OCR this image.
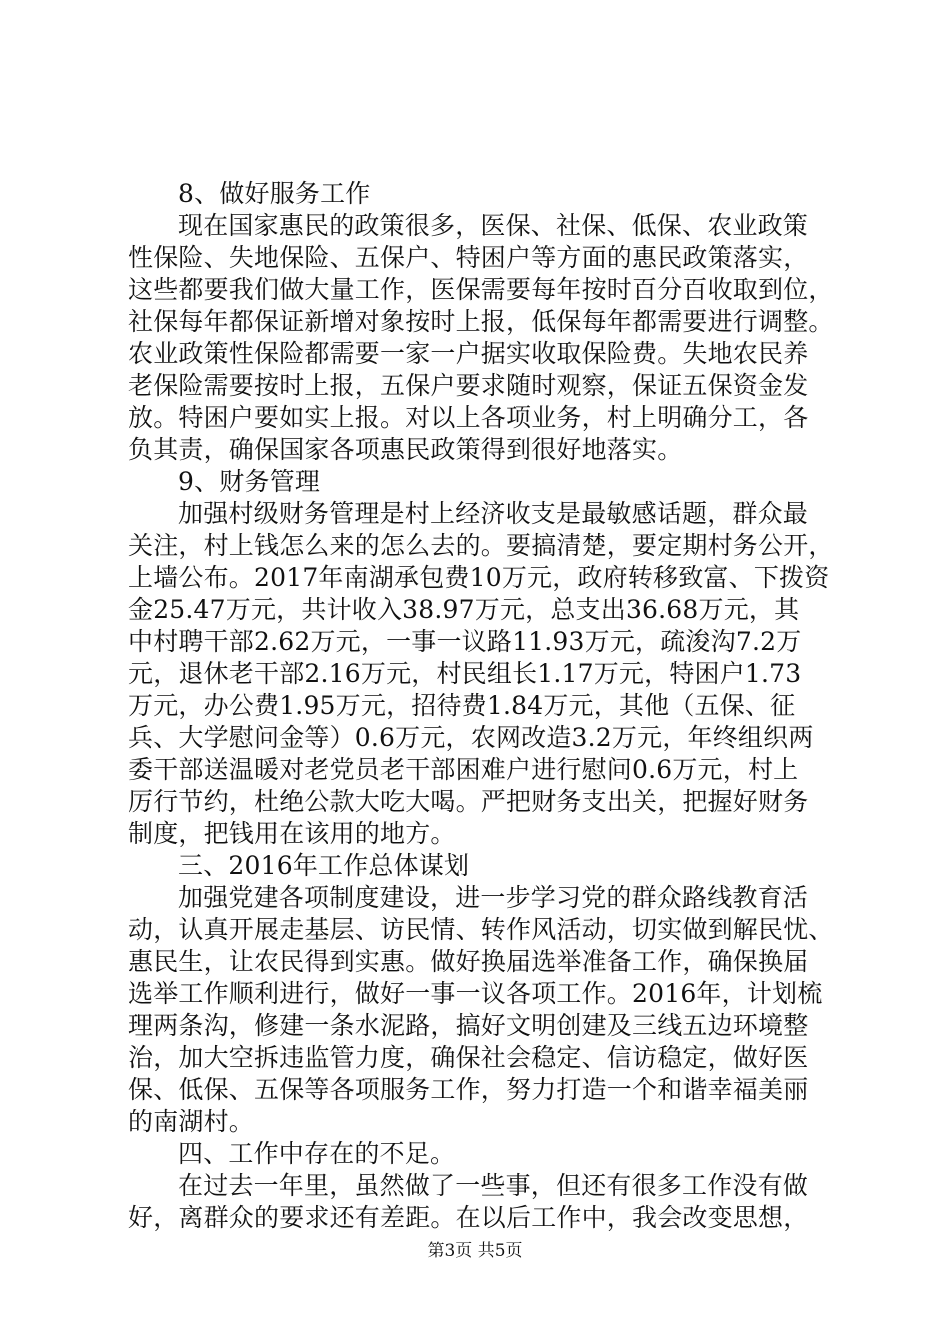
8、做好服务工作
现在国家惠民的政策很多，医保、社保、低保、农业政策
性保险、失地保险、五保户、特困户等方面的惠民政策落实，
这些都要我们做大量工作，医保需要每年按时百分百收取到位，
社保每年都保证新增对象按时上报，低保每年都需要进行调整。
农业政策性保险都需要一家一户据实收取保险费。失地农民养
老保险需要按时上报，五保户要求随时观察，保证五保资金发
放。特困户要如实上报。对以上各项业务，村上明确分工，各
负其责，确保国家各项惠民政策得到很好地落实。
9、财务管理
加强村级财务管理是村上经济收支是最敏感话题，群众最
关注，村上钱怎么来的怎么去的。要搞清楚，要定期村务公开，
上墙公布。2017年南湖承包费10万元，政府转移致富、下拨资
金25.47万元，共计收入38.97万元，总支出36.68万元，其
中村聘干部2.62万元，一事一议路11.93万元，疏浚沟7.2万
元，退休老干部2.16万元，村民组长1.17万元，特困户1.73
万元，办公费1.95万元，招待费1.84万元，其他（五保、征
兵、大学慰问金等）0.6万元，农网改造3.2万元，年终组织两
委干部送温暖对老党员老干部困难户进行慰问0.6万元，村上
厉行节约，杜绝公款大吃大喝。严把财务支出关，把握好财务
制度，把钱用在该用的地方。
三、2016年工作总体谋划
加强党建各项制度建设，进一步学习党的群众路线教育活
动，认真开展走基层、访民情、转作风活动，切实做到解民忧、
惠民生，让农民得到实惠。做好换届选举准备工作，确保换届
选举工作顺利进行，做好一事一议各项工作。2016年，计划梳
理两条沟，修建一条水泥路，搞好文明创建及三线五边环境整
治，加大空拆违监管力度，确保社会稳定、信访稳定，做好医
保、低保、五保等各项服务工作，努力打造一个和谐幸福美丽
的南湖村。
四、工作中存在的不足。
在过去一年里，虽然做了一些事，但还有很多工作没有做
好，离群众的要求还有差距。在以后工作中，我会改变思想，
第3页 共5页
